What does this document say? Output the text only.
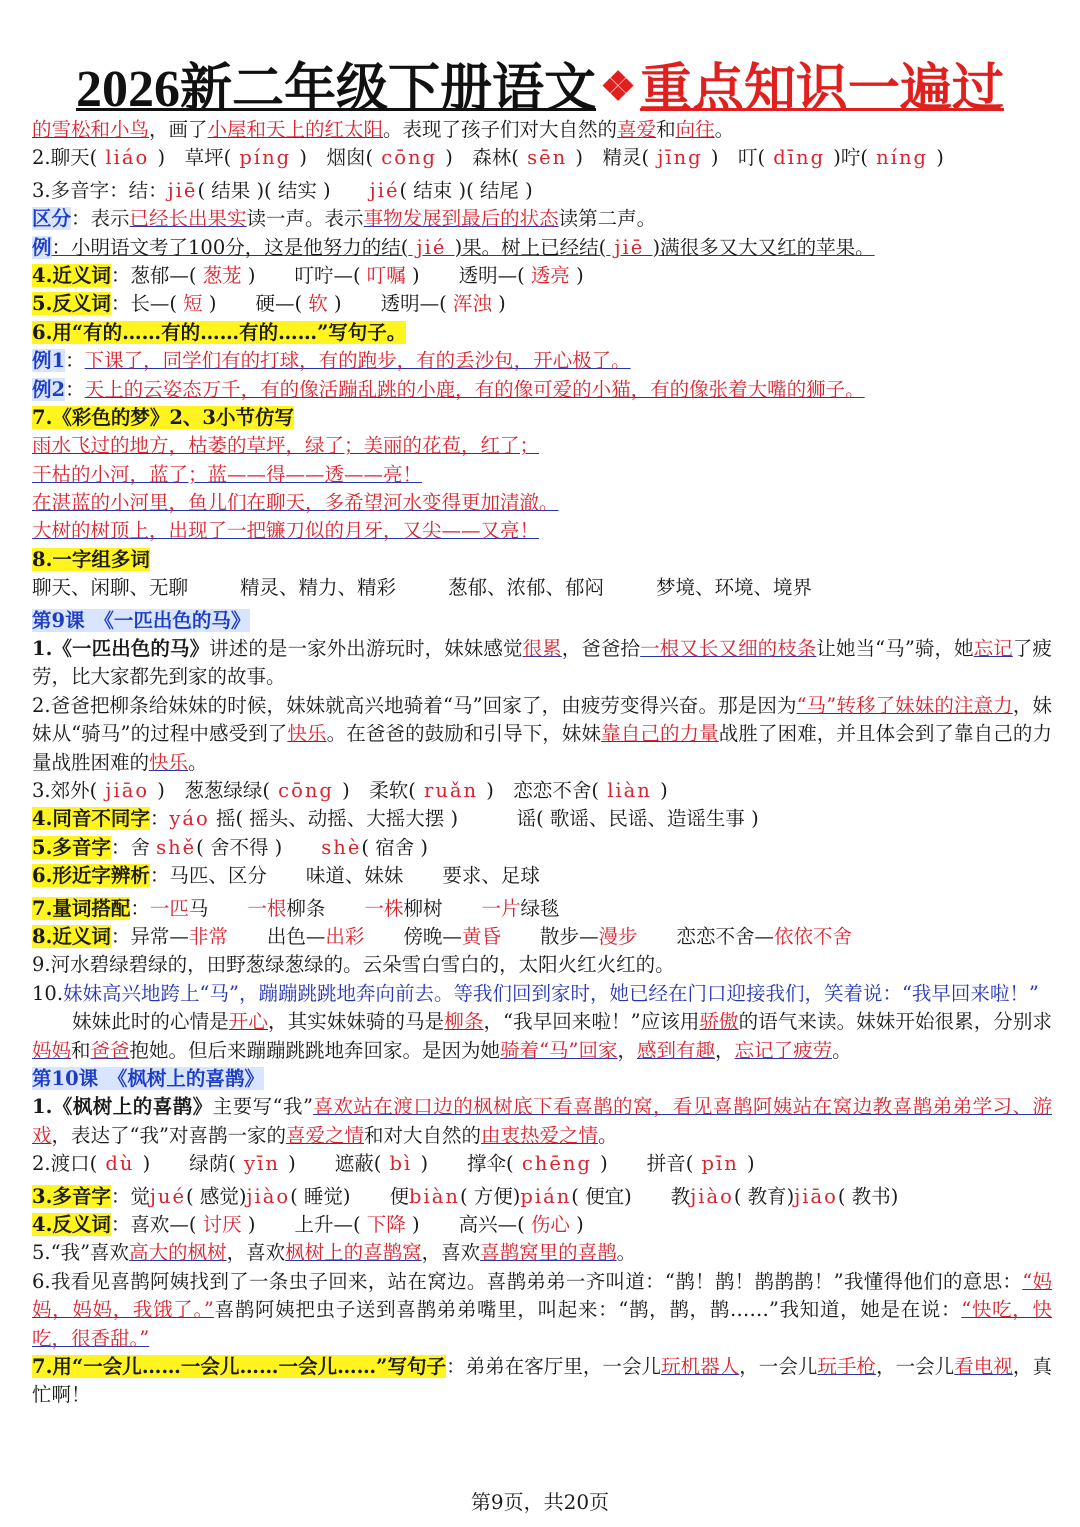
2026新二年级下册语文 ❖重点知识一遍过
的雪松和小鸟，画了小屋和天上的红太阳。表现了孩子们对大自然的喜爱和向往。
2.聊天( liáo )　草坪( píng )　烟囱( cōng )　森林( sēn )　精灵( jīng )　叮( dīng )咛( níng )
3.多音字：结：jiē( 结果 )( 结实 )　　jié( 结束 )( 结尾 )
区分：表示已经长出果实读一声。表示事物发展到最后的状态读第二声。
例：小明语文考了100分，这是他努力的结( jié )果。树上已经结( jiē )满很多又大又红的苹果。
4.近义词：葱郁—( 葱茏 )　　叮咛—( 叮嘱 )　　透明—( 透亮 )
5.反义词：长—( 短 )　　硬—( 软 )　　透明—( 浑浊 )
6.用“有的……有的……有的……”写句子。
例1：下课了，同学们有的打球，有的跑步，有的丢沙包，开心极了。
例2：天上的云姿态万千，有的像活蹦乱跳的小鹿，有的像可爱的小猫，有的像张着大嘴的狮子。
7.《彩色的梦》2、3小节仿写
雨水飞过的地方，枯萎的草坪，绿了；美丽的花苞，红了；
干枯的小河，蓝了；蓝——得——透——亮！
在湛蓝的小河里，鱼儿们在聊天，多希望河水变得更加清澈。
大树的树顶上，出现了一把镰刀似的月牙，又尖——又亮！
8.一字组多词
聊天、闲聊、无聊	精灵、精力、精彩	葱郁、浓郁、郁闷	梦境、环境、境界
第9课　《一匹出色的马》
1.《一匹出色的马》讲述的是一家外出游玩时，妹妹感觉很累，爸爸拾一根又长又细的枝条让她当“马”骑，她忘记了疲劳，比大家都先到家的故事。
2.爸爸把柳条给妹妹的时候，妹妹就高兴地骑着“马”回家了，由疲劳变得兴奋。那是因为“马”转移了妹妹的注意力，妹妹从“骑马”的过程中感受到了快乐。在爸爸的鼓励和引导下，妹妹靠自己的力量战胜了困难，并且体会到了靠自己的力量战胜困难的快乐。
3.郊外( jiāo )　葱葱绿绿( cōng )　柔软( ruǎn )　恋恋不舍( liàn )
4.同音不同字：yáo 摇( 摇头、动摇、大摇大摆 )　　　谣( 歌谣、民谣、造谣生事 )
5.多音字：舍 shě( 舍不得 )　　shè( 宿舍 )
6.形近字辨析：马匹、区分　　味道、妹妹　　要求、足球
7.量词搭配：一匹马　　一根柳条　　一株柳树　　一片绿毯
8.近义词：异常—非常　　出色—出彩　　傍晚—黄昏　　散步—漫步　　恋恋不舍—依依不舍
9.河水碧绿碧绿的，田野葱绿葱绿的。云朵雪白雪白的，太阳火红火红的。
10.妹妹高兴地跨上“马”，蹦蹦跳跳地奔向前去。等我们回到家时，她已经在门口迎接我们，笑着说：“我早回来啦！”
妹妹此时的心情是开心，其实妹妹骑的马是柳条，“我早回来啦！”应该用骄傲的语气来读。妹妹开始很累，分别求妈妈和爸爸抱她。但后来蹦蹦跳跳地奔回家。是因为她骑着“马”回家，感到有趣，忘记了疲劳。
第10课　《枫树上的喜鹊》
1.《枫树上的喜鹊》主要写“我”喜欢站在渡口边的枫树底下看喜鹊的窝，看见喜鹊阿姨站在窝边教喜鹊弟弟学习、游戏，表达了“我”对喜鹊一家的喜爱之情和对大自然的由衷热爱之情。
2.渡口( dù )　　绿荫( yīn )　　遮蔽( bì )　　撑伞( chēng )　　拼音( pīn )
3.多音字：觉jué( 感觉)jiào( 睡觉)　　便biàn( 方便)pián( 便宜)　　教jiào( 教育)jiāo( 教书)
4.反义词：喜欢—( 讨厌 )　　上升—( 下降 )　　高兴—( 伤心 )
5.“我”喜欢高大的枫树，喜欢枫树上的喜鹊窝，喜欢喜鹊窝里的喜鹊。
6.我看见喜鹊阿姨找到了一条虫子回来，站在窝边。喜鹊弟弟一齐叫道：“鹊！鹊！鹊鹊鹊！”我懂得他们的意思：“妈妈，妈妈，我饿了。”喜鹊阿姨把虫子送到喜鹊弟弟嘴里，叫起来：“鹊，鹊，鹊……”我知道，她是在说：“快吃，快吃，很香甜。”
7.用“一会儿……一会儿……一会儿……”写句子：弟弟在客厅里，一会儿玩机器人，一会儿玩手枪，一会儿看电视，真忙啊！
第9页，共20页
